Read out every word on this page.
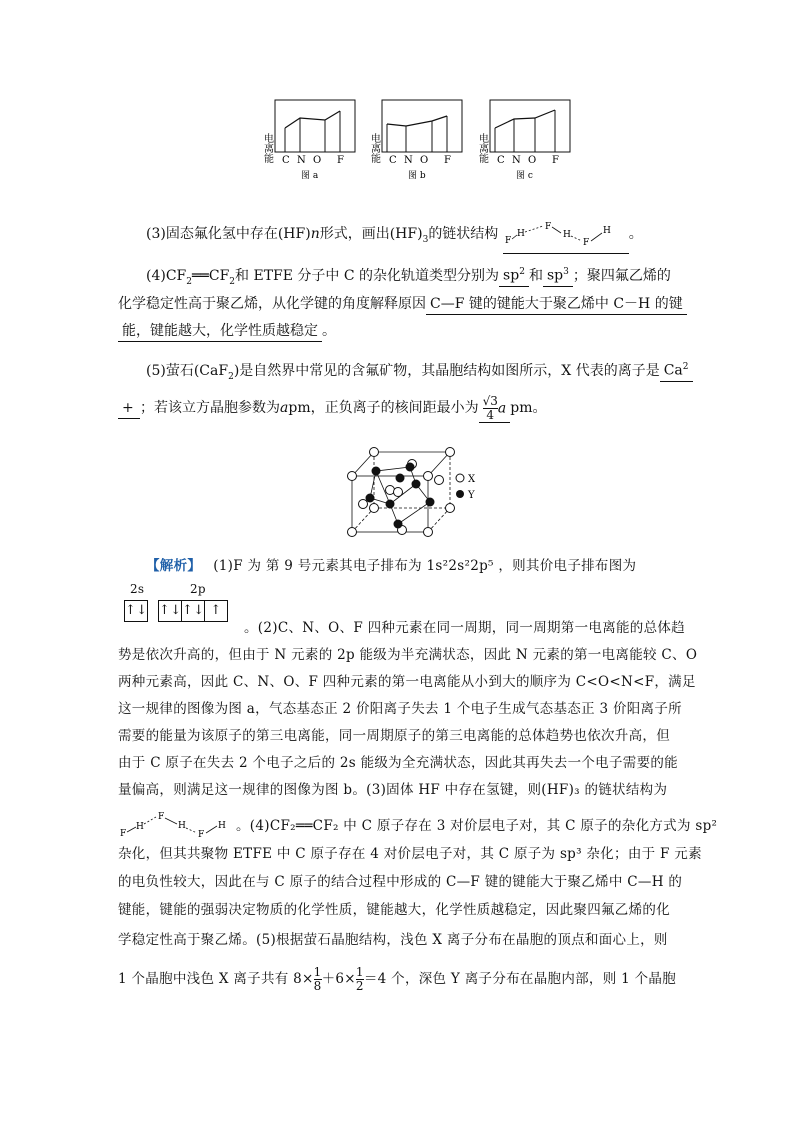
电离能 C N O F
图 a
电离能 C N O F
图 b
电离能 C N O F
图 c
(3)固态氟化氢中存在(HF)n形式，画出$(HF)_3$的链状结构 F
H
F
H
F
H 。
$(4)CF_2══CF_2$和 ETFE 分子中 C 的杂化轨道类型分别为 $sp^2$ 和 $sp^3$ ；聚四氟乙烯的
化学稳定性高于聚乙烯，从化学键的角度解释原因 C—F 键的键能大于聚乙烯中 C－H 的键
能，键能越大，化学性质越稳定 。
(5)萤石(CaF$_2$)是自然界中常见的含氟矿物，其晶胞结构如图所示，X 代表的离子是 $Ca^2$
+ ；若该立方晶胞参数为apm，正负离子的核间距最小为 $\frac{√3}{4}$ a pm。
X
Y
【解析】 (1)F 为 第 9 号元素其电子排布为 1s²2s²2p⁵ ，则其价电子排布图为
2s	2p
↑↓ ↑↓ ↑↓ ↑
。(2)C、N、O、F 四种元素在同一周期，同一周期第一电离能的总体趋
势是依次升高的，但由于 N 元素的 2p 能级为半充满状态，因此 N 元素的第一电离能较 C、O
两种元素高，因此 C、N、O、F 四种元素的第一电离能从小到大的顺序为 C<O<N<F，满足
这一规律的图像为图 a，气态基态正 2 价阳离子失去 1 个电子生成气态基态正 3 价阳离子所
需要的能量为该原子的第三电离能，同一周期原子的第三电离能的总体趋势也依次升高，但
由于 C 原子在失去 2 个电子之后的 2s 能级为全充满状态，因此其再失去一个电子需要的能
量偏高，则满足这一规律的图像为图 b。(3)固体 HF 中存在氢键，则(HF)₃ 的链状结构为
F
H
F
H
F
H 。(4)CF₂══CF₂ 中 C 原子存在 3 对价层电子对，其 C 原子的杂化方式为 sp²
杂化，但其共聚物 ETFE 中 C 原子存在 4 对价层电子对，其 C 原子为 sp³ 杂化；由于 F 元素
的电负性较大，因此在与 C 原子的结合过程中形成的 C—F 键的键能大于聚乙烯中 C—H 的
键能，键能的强弱决定物质的化学性质，键能越大，化学性质越稳定，因此聚四氟乙烯的化
学稳定性高于聚乙烯。(5)根据萤石晶胞结构，浅色 X 离子分布在晶胞的顶点和面心上，则
1 个晶胞中浅色 X 离子共有 $8\times \frac{1}{8} +6\times \frac{1}{2} =4$ 个，深色 Y 离子分布在晶胞内部，则 1 个晶胞
